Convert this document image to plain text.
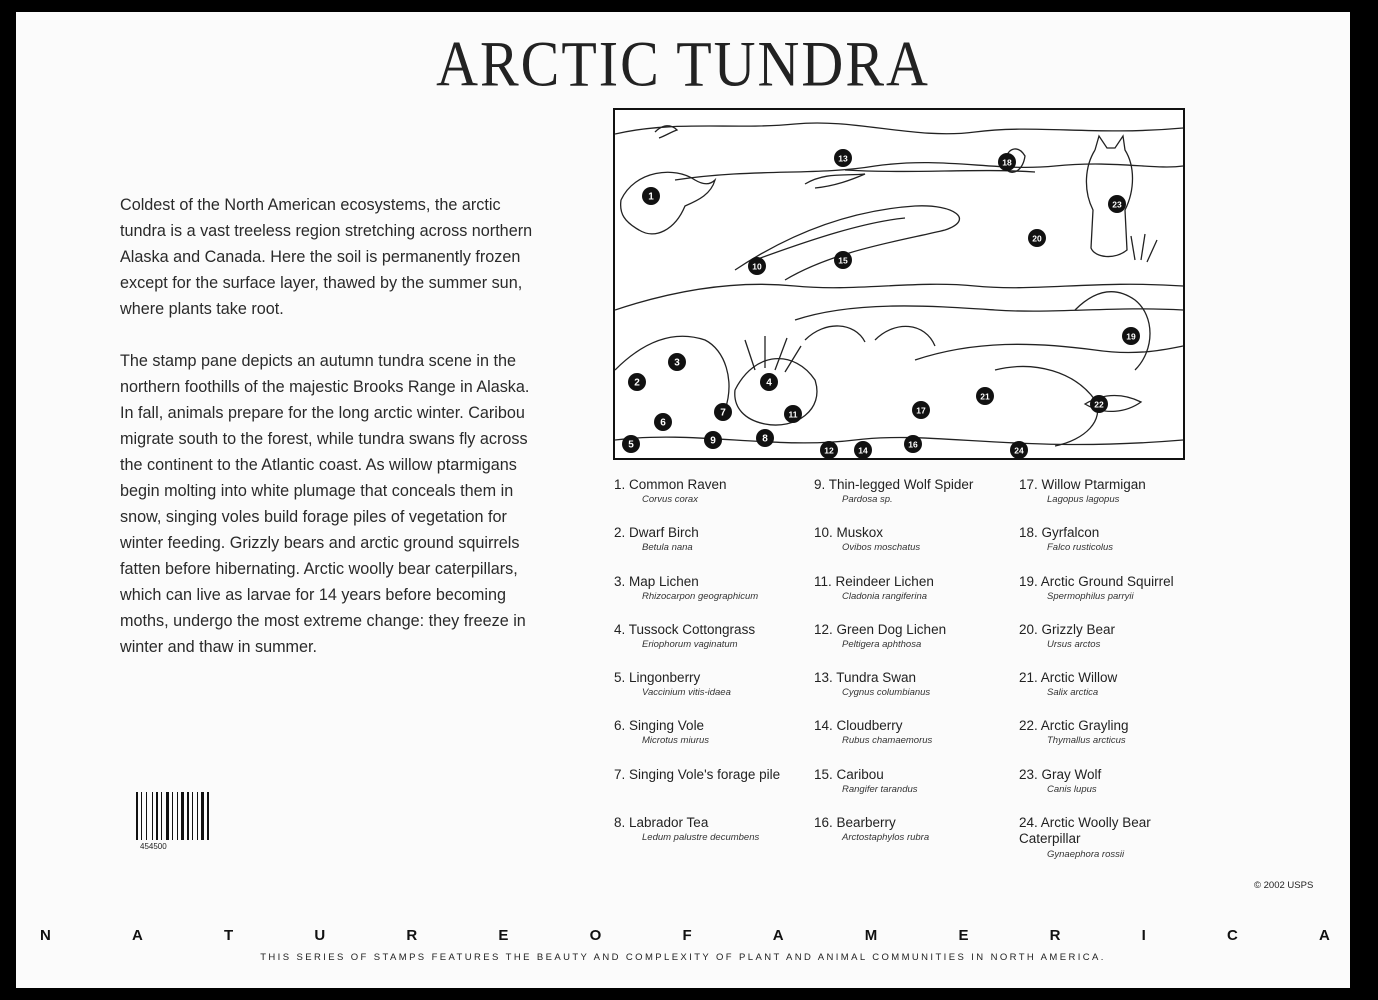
ARCTIC TUNDRA

Coldest of the North American ecosystems, the arctic tundra is a vast treeless region stretching across northern Alaska and Canada. Here the soil is permanently frozen except for the surface layer, thawed by the summer sun, where plants take root.

The stamp pane depicts an autumn tundra scene in the northern foothills of the majestic Brooks Range in Alaska. In fall, animals prepare for the long arctic winter. Caribou migrate south to the forest, while tundra swans fly across the continent to the Atlantic coast. As willow ptarmigans begin molting into white plumage that conceals them in snow, singing voles build forage piles of vegetation for winter feeding. Grizzly bears and arctic ground squirrels fatten before hibernating. Arctic woolly bear caterpillars, which can live as larvae for 14 years before becoming moths, undergo the most extreme change: they freeze in winter and thaw in summer.

454500
1
2
3
4
5
6
7
8
9
10
11
12
13
14
15
16
17
18
19
20
21
22
23
24
1. Common Raven
Corvus corax
2. Dwarf Birch
Betula nana
3. Map Lichen
Rhizocarpon geographicum
4. Tussock Cottongrass
Eriophorum vaginatum
5. Lingonberry
Vaccinium vitis-idaea
6. Singing Vole
Microtus miurus
7. Singing Vole's forage pile
8. Labrador Tea
Ledum palustre decumbens
9. Thin-legged Wolf Spider
Pardosa sp.
10. Muskox
Ovibos moschatus
11. Reindeer Lichen
Cladonia rangiferina
12. Green Dog Lichen
Peltigera aphthosa
13. Tundra Swan
Cygnus columbianus
14. Cloudberry
Rubus chamaemorus
15. Caribou
Rangifer tarandus
16. Bearberry
Arctostaphylos rubra
17. Willow Ptarmigan
Lagopus lagopus
18. Gyrfalcon
Falco rusticolus
19. Arctic Ground Squirrel
Spermophilus parryii
20. Grizzly Bear
Ursus arctos
21. Arctic Willow
Salix arctica
22. Arctic Grayling
Thymallus arcticus
23. Gray Wolf
Canis lupus
24. Arctic Woolly Bear Caterpillar
Gynaephora rossii
© 2002 USPS
N	A	T	U	R	E	O	F	A	M	E	R	I	C	A
THIS SERIES OF STAMPS FEATURES THE BEAUTY AND COMPLEXITY OF PLANT AND ANIMAL COMMUNITIES IN NORTH AMERICA.
